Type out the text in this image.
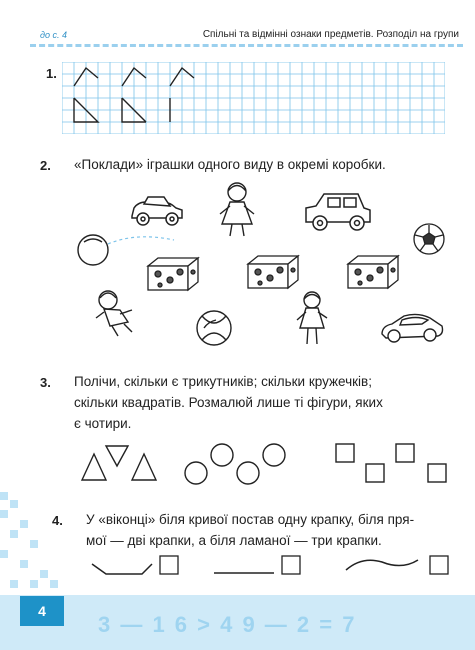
до с. 4	Спільні та відмінні ознаки предметів. Розподіл на групи
1.
2. «Поклади» іграшки одного виду в окремі коробки.
3. Полічи, скільки є трикутників; скільки кружечків;
скільки квадратів. Розмалюй лише ті фігури, яких
є чотири.
4. У «віконці» біля кривої постав одну крапку, біля пря-
мої — дві крапки, а біля ламаної — три крапки.
4
3 — 1 6 > 4 9 — 2 = 7
